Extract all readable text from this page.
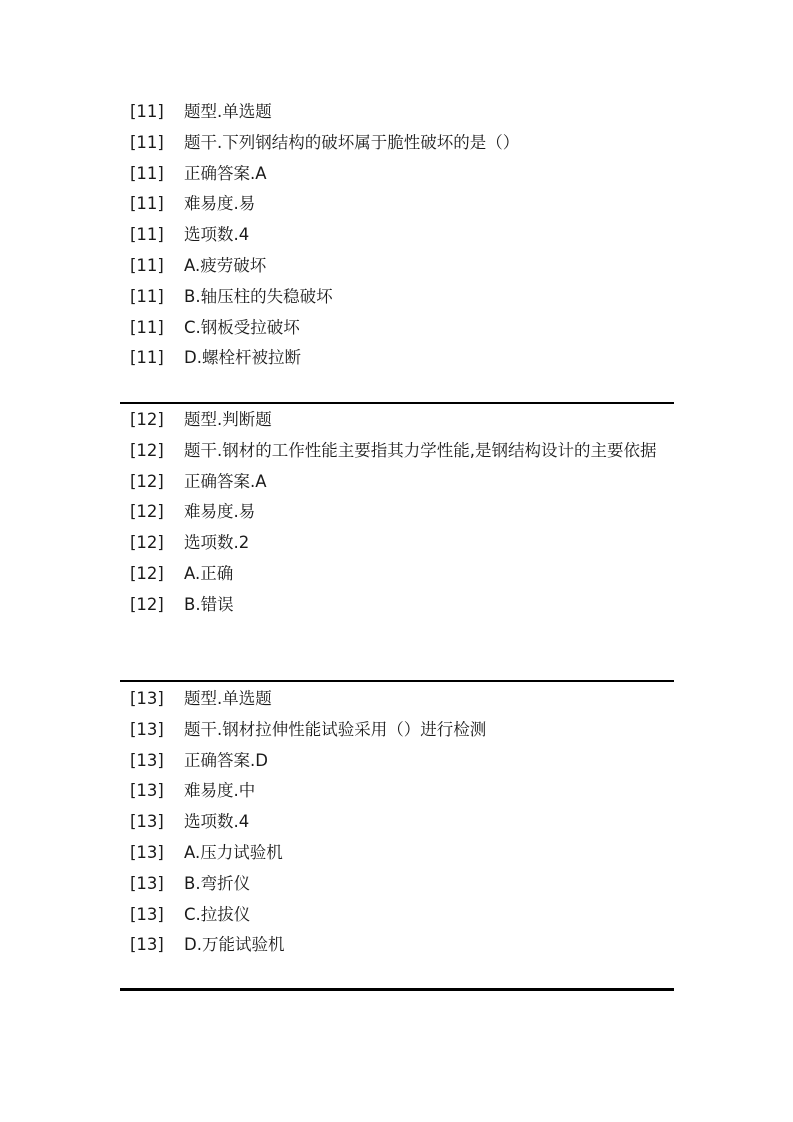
[11] 题型.单选题
[11] 题干.下列钢结构的破坏属于脆性破坏的是（）
[11] 正确答案.A
[11] 难易度.易
[11] 选项数.4
[11] A.疲劳破坏
[11] B.轴压柱的失稳破坏
[11] C.钢板受拉破坏
[11] D.螺栓杆被拉断
[12] 题型.判断题
[12]	题干.钢材的工作性能主要指其力学性能,是钢结构设计的主要依据
[12] 正确答案.A
[12] 难易度.易
[12] 选项数.2
[12] A.正确
[12] B.错误
[13] 题型.单选题
[13] 题干.钢材拉伸性能试验采用（）进行检测
[13] 正确答案.D
[13] 难易度.中
[13] 选项数.4
[13] A.压力试验机
[13] B.弯折仪
[13] C.拉拔仪
[13] D.万能试验机
